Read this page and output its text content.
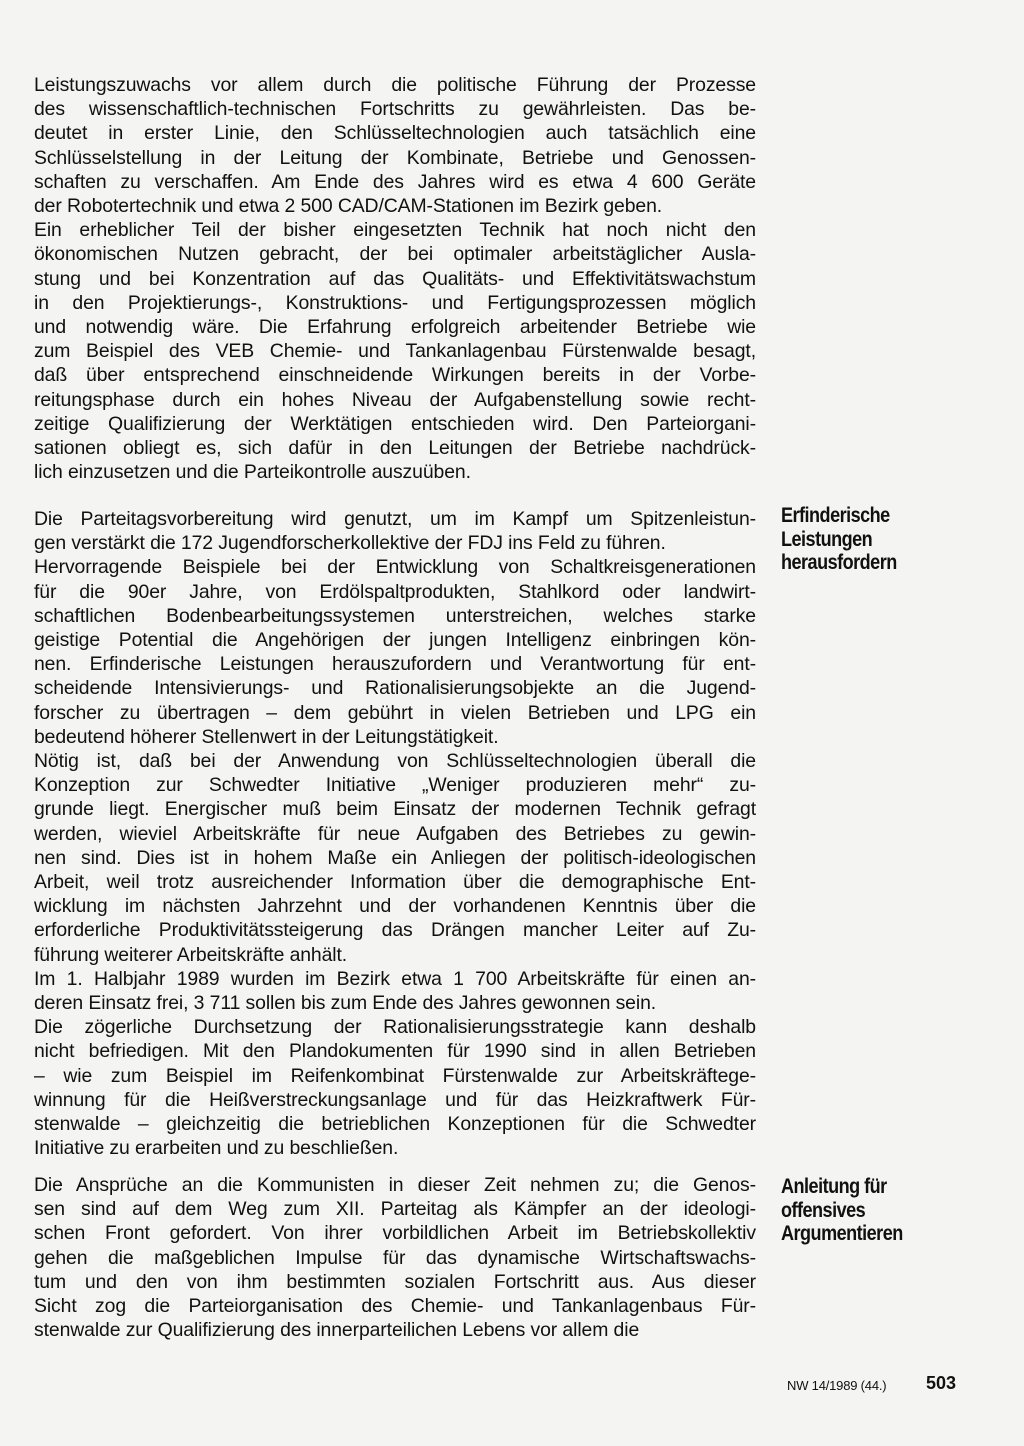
Leistungszuwachs vor allem durch die politische Führung der Prozesse
des wissenschaftlich-technischen Fortschritts zu gewährleisten. Das be-
deutet in erster Linie, den Schlüsseltechnologien auch tatsächlich eine
Schlüsselstellung in der Leitung der Kombinate, Betriebe und Genossen-
schaften zu verschaffen. Am Ende des Jahres wird es etwa 4 600 Geräte
der Robotertechnik und etwa 2 500 CAD/CAM-Stationen im Bezirk geben.
Ein erheblicher Teil der bisher eingesetzten Technik hat noch nicht den
ökonomischen Nutzen gebracht, der bei optimaler arbeitstäglicher Ausla-
stung und bei Konzentration auf das Qualitäts- und Effektivitätswachstum
in den Projektierungs-, Konstruktions- und Fertigungsprozessen möglich
und notwendig wäre. Die Erfahrung erfolgreich arbeitender Betriebe wie
zum Beispiel des VEB Chemie- und Tankanlagenbau Fürstenwalde besagt,
daß über entsprechend einschneidende Wirkungen bereits in der Vorbe-
reitungsphase durch ein hohes Niveau der Aufgabenstellung sowie recht-
zeitige Qualifizierung der Werktätigen entschieden wird. Den Parteiorgani-
sationen obliegt es, sich dafür in den Leitungen der Betriebe nachdrück-
lich einzusetzen und die Parteikontrolle auszuüben.
Die Parteitagsvorbereitung wird genutzt, um im Kampf um Spitzenleistun-
gen verstärkt die 172 Jugendforscherkollektive der FDJ ins Feld zu führen.
Hervorragende Beispiele bei der Entwicklung von Schaltkreisgenerationen
für die 90er Jahre, von Erdölspaltprodukten, Stahlkord oder landwirt-
schaftlichen Bodenbearbeitungssystemen unterstreichen, welches starke
geistige Potential die Angehörigen der jungen Intelligenz einbringen kön-
nen. Erfinderische Leistungen herauszufordern und Verantwortung für ent-
scheidende Intensivierungs- und Rationalisierungsobjekte an die Jugend-
forscher zu übertragen – dem gebührt in vielen Betrieben und LPG ein
bedeutend höherer Stellenwert in der Leitungstätigkeit.
Nötig ist, daß bei der Anwendung von Schlüsseltechnologien überall die
Konzeption zur Schwedter Initiative „Weniger produzieren mehr“ zu-
grunde liegt. Energischer muß beim Einsatz der modernen Technik gefragt
werden, wieviel Arbeitskräfte für neue Aufgaben des Betriebes zu gewin-
nen sind. Dies ist in hohem Maße ein Anliegen der politisch-ideologischen
Arbeit, weil trotz ausreichender Information über die demographische Ent-
wicklung im nächsten Jahrzehnt und der vorhandenen Kenntnis über die
erforderliche Produktivitätssteigerung das Drängen mancher Leiter auf Zu-
führung weiterer Arbeitskräfte anhält.
Im 1. Halbjahr 1989 wurden im Bezirk etwa 1 700 Arbeitskräfte für einen an-
deren Einsatz frei, 3 711 sollen bis zum Ende des Jahres gewonnen sein.
Die zögerliche Durchsetzung der Rationalisierungsstrategie kann deshalb
nicht befriedigen. Mit den Plandokumenten für 1990 sind in allen Betrieben
– wie zum Beispiel im Reifenkombinat Fürstenwalde zur Arbeitskräftege-
winnung für die Heißverstreckungsanlage und für das Heizkraftwerk Für-
stenwalde – gleichzeitig die betrieblichen Konzeptionen für die Schwedter
Initiative zu erarbeiten und zu beschließen.
Die Ansprüche an die Kommunisten in dieser Zeit nehmen zu; die Genos-
sen sind auf dem Weg zum XII. Parteitag als Kämpfer an der ideologi-
schen Front gefordert. Von ihrer vorbildlichen Arbeit im Betriebskollektiv
gehen die maßgeblichen Impulse für das dynamische Wirtschaftswachs-
tum und den von ihm bestimmten sozialen Fortschritt aus. Aus dieser
Sicht zog die Parteiorganisation des Chemie- und Tankanlagenbaus Für-
stenwalde zur Qualifizierung des innerparteilichen Lebens vor allem die
Erfinderische
Leistungen
herausfordern
Anleitung für
offensives
Argumentieren
NW 14/1989 (44.) 503
